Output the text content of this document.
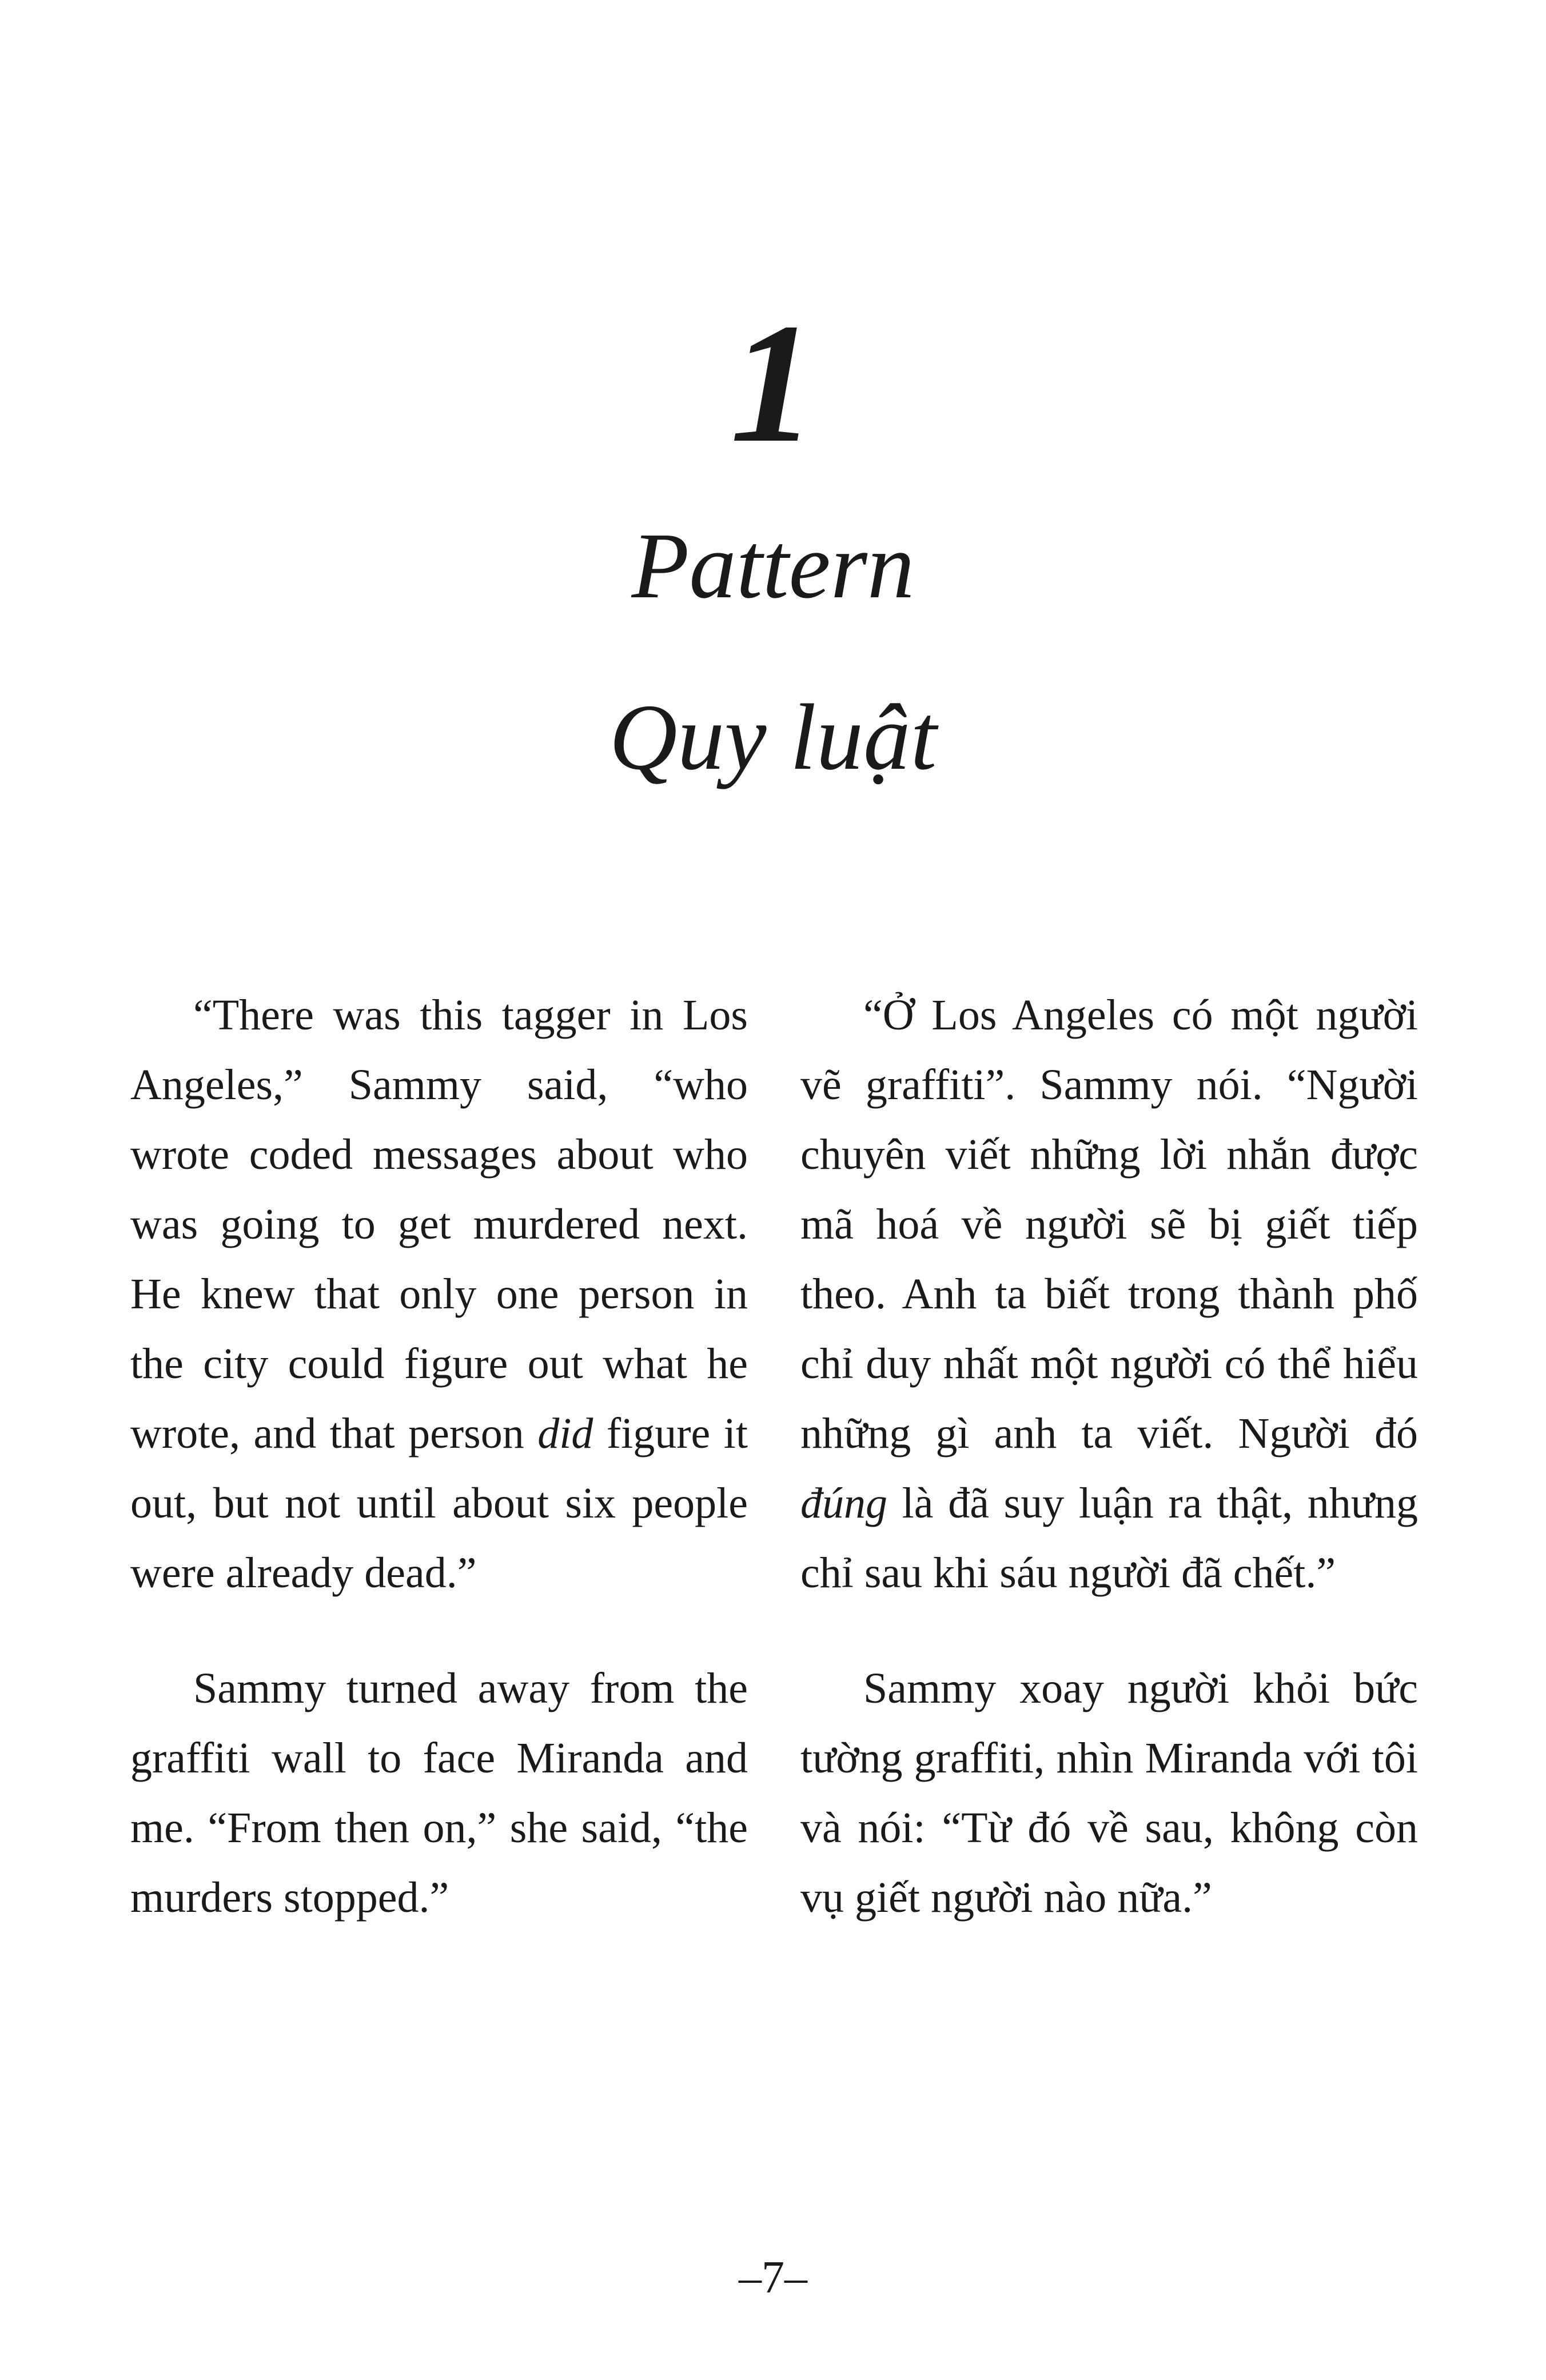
1
Pattern
Quy luật

“There was this tagger in Los Angeles,” Sammy said, “who wrote coded messages about who was going to get murdered next. He knew that only one person in the city could figure out what he wrote, and that person did figure it out, but not until about six people were already dead.”

Sammy turned away from the graffiti wall to face Miranda and me. “From then on,” she said, “the murders stopped.”

“Ở Los Angeles có một người vẽ graffiti”. Sammy nói. “Người chuyên viết những lời nhắn được mã hoá về người sẽ bị giết tiếp theo. Anh ta biết trong thành phố chỉ duy nhất một người có thể hiểu những gì anh ta viết. Người đó đúng là đã suy luận ra thật, nhưng chỉ sau khi sáu người đã chết.”

Sammy xoay người khỏi bức tường graffiti, nhìn Miranda với tôi và nói: “Từ đó về sau, không còn vụ giết người nào nữa.”

–7–
